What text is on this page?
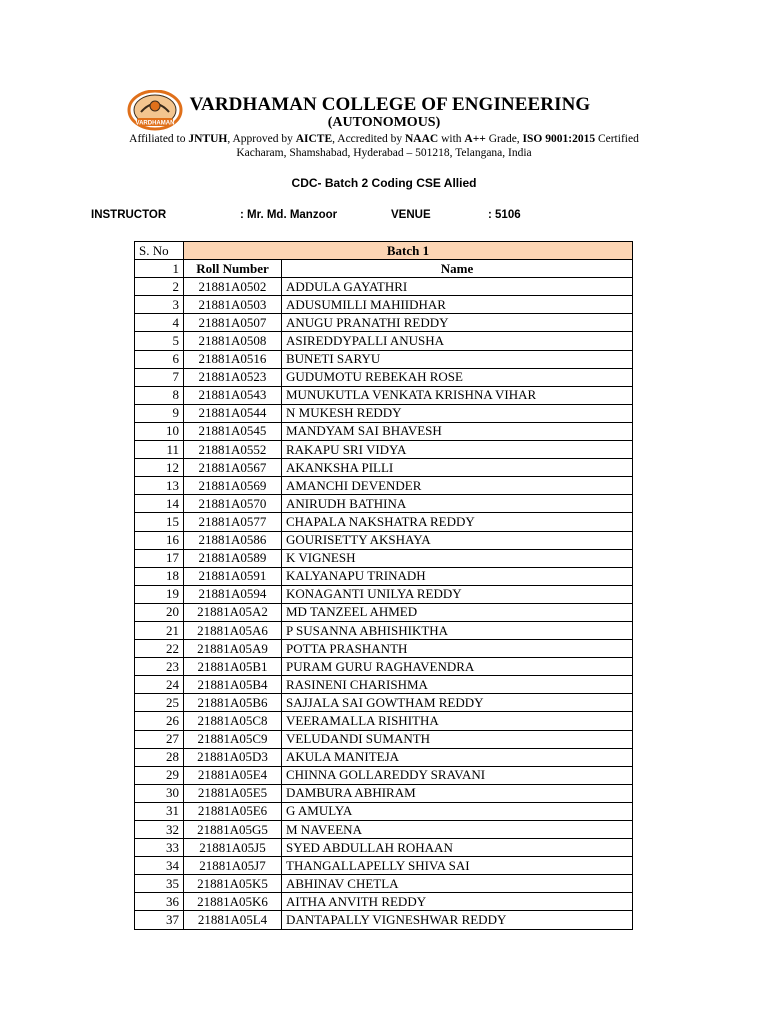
VARDHAMAN
VARDHAMAN COLLEGE OF ENGINEERING
(AUTONOMOUS)
Affiliated to JNTUH, Approved by AICTE, Accredited by NAAC with A++ Grade, ISO 9001:2015 Certified
Kacharam, Shamshabad, Hyderabad – 501218, Telangana, India
CDC- Batch 2 Coding CSE Allied
INSTRUCTOR	: Mr. Md. Manzoor	VENUE	: 5106
S. No	Batch 1	
1	Roll Number	Name
2	21881A0502	ADDULA GAYATHRI
3	21881A0503	ADUSUMILLI MAHIIDHAR
4	21881A0507	ANUGU PRANATHI REDDY
5	21881A0508	ASIREDDYPALLI ANUSHA
6	21881A0516	BUNETI SARYU
7	21881A0523	GUDUMOTU REBEKAH ROSE
8	21881A0543	MUNUKUTLA VENKATA KRISHNA VIHAR
9	21881A0544	N MUKESH REDDY
10	21881A0545	MANDYAM SAI BHAVESH
11	21881A0552	RAKAPU SRI VIDYA
12	21881A0567	AKANKSHA PILLI
13	21881A0569	AMANCHI DEVENDER
14	21881A0570	ANIRUDH BATHINA
15	21881A0577	CHAPALA NAKSHATRA REDDY
16	21881A0586	GOURISETTY AKSHAYA
17	21881A0589	K VIGNESH
18	21881A0591	KALYANAPU TRINADH
19	21881A0594	KONAGANTI UNILYA REDDY
20	21881A05A2	MD TANZEEL AHMED
21	21881A05A6	P SUSANNA ABHISHIKTHA
22	21881A05A9	POTTA PRASHANTH
23	21881A05B1	PURAM GURU RAGHAVENDRA
24	21881A05B4	RASINENI CHARISHMA
25	21881A05B6	SAJJALA SAI GOWTHAM REDDY
26	21881A05C8	VEERAMALLA RISHITHA
27	21881A05C9	VELUDANDI SUMANTH
28	21881A05D3	AKULA MANITEJA
29	21881A05E4	CHINNA GOLLAREDDY SRAVANI
30	21881A05E5	DAMBURA ABHIRAM
31	21881A05E6	G AMULYA
32	21881A05G5	M NAVEENA
33	21881A05J5	SYED ABDULLAH ROHAAN
34	21881A05J7	THANGALLAPELLY SHIVA SAI
35	21881A05K5	ABHINAV CHETLA
36	21881A05K6	AITHA ANVITH REDDY
37	21881A05L4	DANTAPALLY VIGNESHWAR REDDY
